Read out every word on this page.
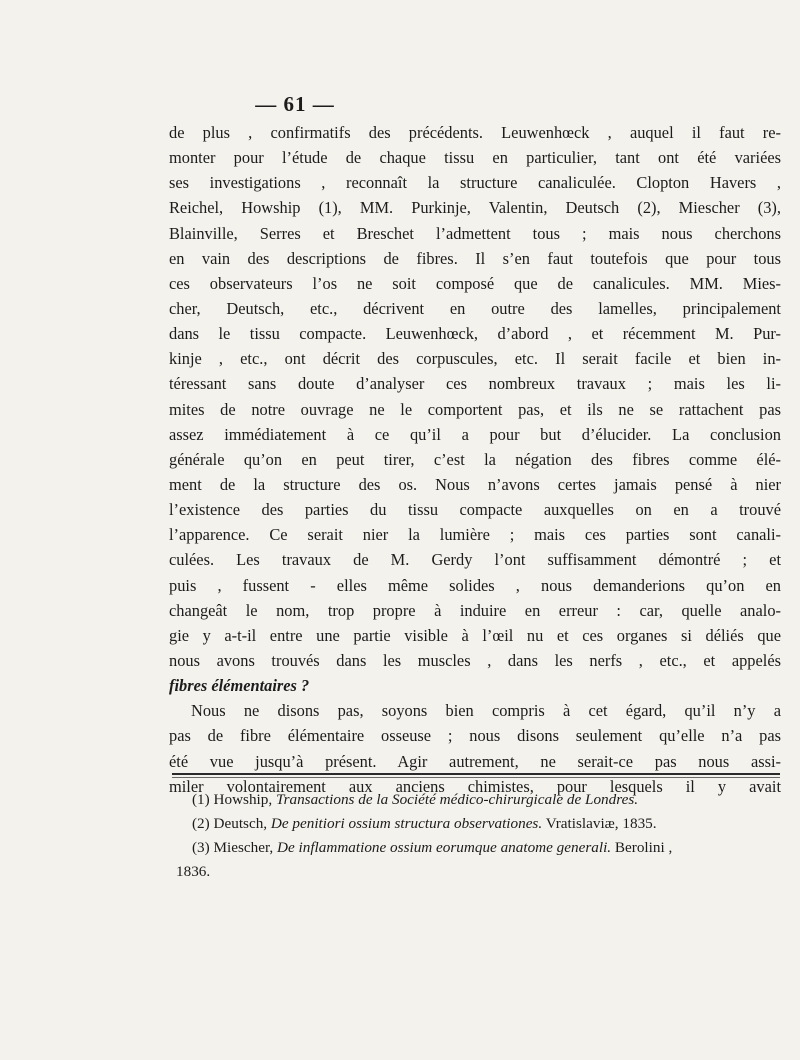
— 61 —
de plus , confirmatifs des précédents. Leuwenhœck , auquel il faut re-
monter pour l’étude de chaque tissu en particulier, tant ont été variées
ses investigations , reconnaît la structure canaliculée. Clopton Havers ,
Reichel, Howship (1), MM. Purkinje, Valentin, Deutsch (2), Miescher (3),
Blainville, Serres et Breschet l’admettent tous ; mais nous cherchons
en vain des descriptions de fibres. Il s’en faut toutefois que pour tous
ces observateurs l’os ne soit composé que de canalicules. MM. Mies-
cher, Deutsch, etc., décrivent en outre des lamelles, principalement
dans le tissu compacte. Leuwenhœck, d’abord , et récemment M. Pur-
kinje , etc., ont décrit des corpuscules, etc. Il serait facile et bien in-
téressant sans doute d’analyser ces nombreux travaux ; mais les li-
mites de notre ouvrage ne le comportent pas, et ils ne se rattachent pas
assez immédiatement à ce qu’il a pour but d’élucider. La conclusion
générale qu’on en peut tirer, c’est la négation des fibres comme élé-
ment de la structure des os. Nous n’avons certes jamais pensé à nier
l’existence des parties du tissu compacte auxquelles on en a trouvé
l’apparence. Ce serait nier la lumière ; mais ces parties sont canali-
culées. Les travaux de M. Gerdy l’ont suffisamment démontré ; et
puis , fussent - elles même solides , nous demanderions qu’on en
changeât le nom, trop propre à induire en erreur : car, quelle analo-
gie y a-t-il entre une partie visible à l’œil nu et ces organes si déliés que
nous avons trouvés dans les muscles , dans les nerfs , etc., et appelés
fibres élémentaires ?
Nous ne disons pas, soyons bien compris à cet égard, qu’il n’y a
pas de fibre élémentaire osseuse ; nous disons seulement qu’elle n’a pas
été vue jusqu’à présent. Agir autrement, ne serait-ce pas nous assi-
miler volontairement aux anciens chimistes, pour lesquels il y avait
(1) Howship, Transactions de la Société médico-chirurgicale de Londres.
(2) Deutsch, De penitiori ossium structura observationes. Vratislaviæ, 1835.
(3) Miescher, De inflammatione ossium eorumque anatome generali. Berolini ,
1836.
